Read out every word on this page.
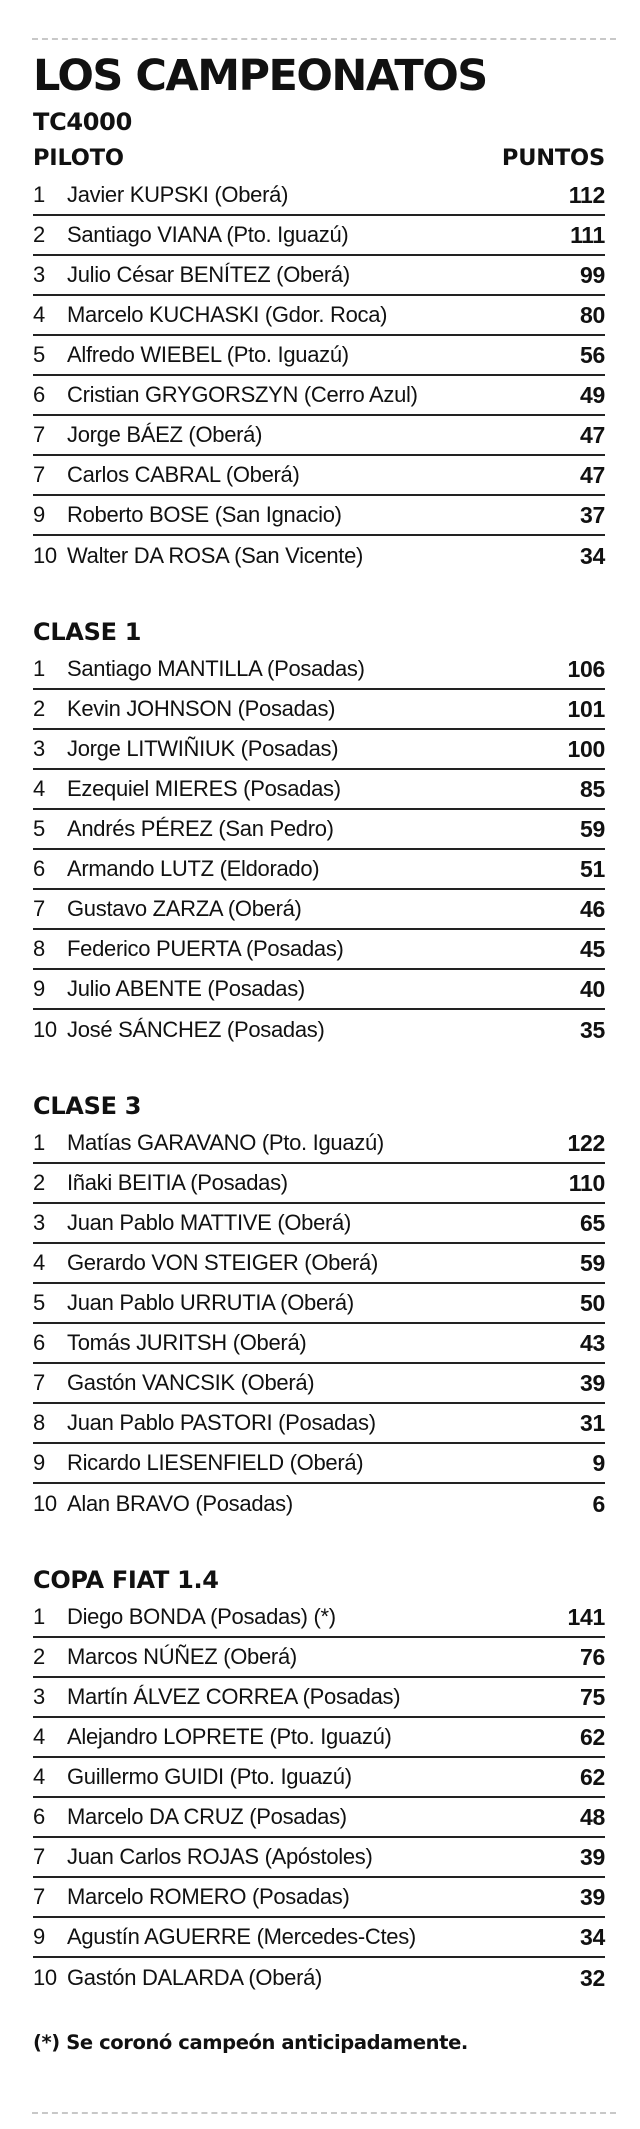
LOS CAMPEONATOS
TC4000
PILOTO	PUNTOS
1	Javier KUPSKI (Oberá)	112
2	Santiago VIANA (Pto. Iguazú)	111
3	Julio César BENÍTEZ (Oberá)	99
4	Marcelo KUCHASKI (Gdor. Roca)	80
5	Alfredo WIEBEL (Pto. Iguazú)	56
6	Cristian GRYGORSZYN (Cerro Azul)	49
7	Jorge BÁEZ (Oberá)	47
7	Carlos CABRAL (Oberá)	47
9	Roberto BOSE (San Ignacio)	37
10 Walter DA ROSA (San Vicente)	34
CLASE 1
1	Santiago MANTILLA (Posadas)	106
2	Kevin JOHNSON (Posadas)	101
3	Jorge LITWIÑIUK (Posadas)	100
4	Ezequiel MIERES (Posadas)	85
5	Andrés PÉREZ (San Pedro)	59
6	Armando LUTZ (Eldorado)	51
7	Gustavo ZARZA (Oberá)	46
8	Federico PUERTA (Posadas)	45
9	Julio ABENTE (Posadas)	40
10 José SÁNCHEZ (Posadas)	35
CLASE 3
1	Matías GARAVANO (Pto. Iguazú)	122
2	Iñaki BEITIA (Posadas)	110
3	Juan Pablo MATTIVE (Oberá)	65
4	Gerardo VON STEIGER (Oberá)	59
5	Juan Pablo URRUTIA (Oberá)	50
6	Tomás JURITSH (Oberá)	43
7	Gastón VANCSIK (Oberá)	39
8	Juan Pablo PASTORI (Posadas)	31
9	Ricardo LIESENFIELD (Oberá)	9
10 Alan BRAVO (Posadas)	6
COPA FIAT 1.4
1	Diego BONDA (Posadas) (*)	141
2	Marcos NÚÑEZ (Oberá)	76
3	Martín ÁLVEZ CORREA (Posadas)	75
4	Alejandro LOPRETE (Pto. Iguazú)	62
4	Guillermo GUIDI (Pto. Iguazú)	62
6	Marcelo DA CRUZ (Posadas)	48
7	Juan Carlos ROJAS (Apóstoles)	39
7	Marcelo ROMERO (Posadas)	39
9	Agustín AGUERRE (Mercedes-Ctes)	34
10 Gastón DALARDA (Oberá)	32
(*) Se coronó campeón anticipadamente.
